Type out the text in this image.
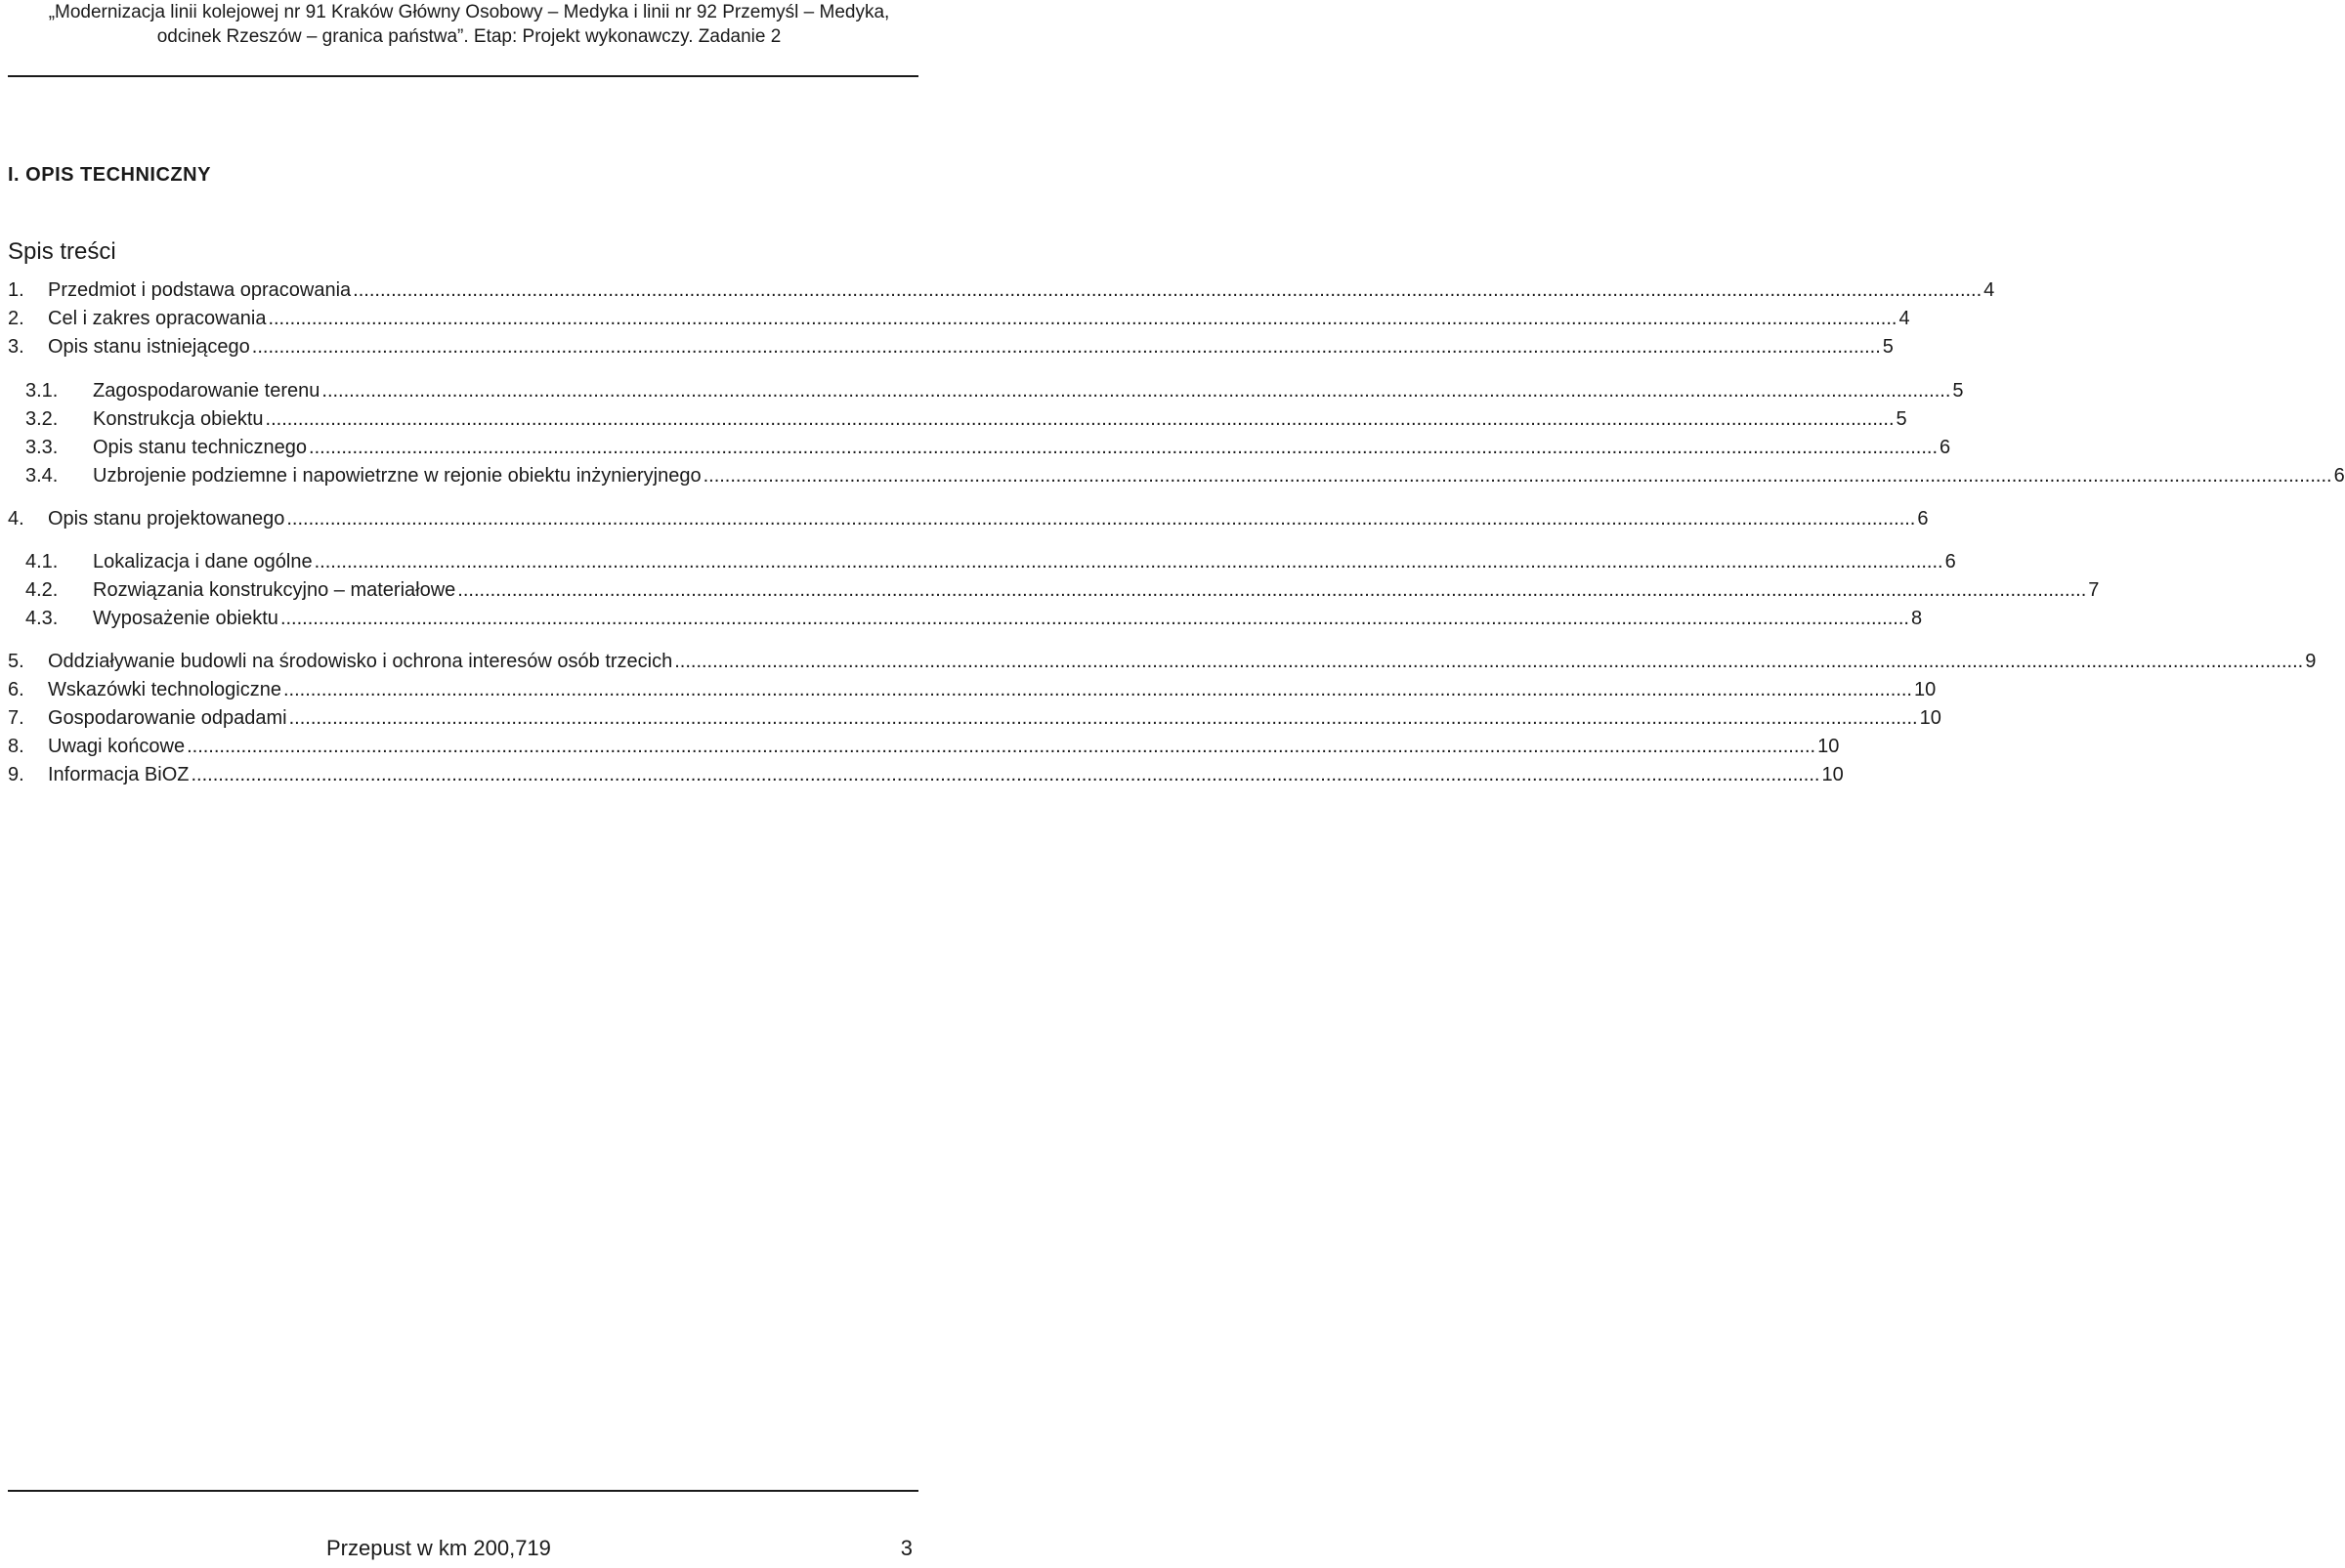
„Modernizacja linii kolejowej nr 91 Kraków Główny Osobowy – Medyka i linii nr 92 Przemyśl – Medyka,
odcinek Rzeszów – granica państwa”. Etap: Projekt wykonawczy. Zadanie 2
I. OPIS TECHNICZNY
Spis treści
1. Przedmiot i podstawa opracowania ............................................................................................................................................................................................................................................................................................................ 4
2. Cel i zakres opracowania ............................................................................................................................................................................................................................................................................................................ 4
3. Opis stanu istniejącego ............................................................................................................................................................................................................................................................................................................ 5
3.1. Zagospodarowanie terenu ............................................................................................................................................................................................................................................................................................................ 5
3.2. Konstrukcja obiektu ............................................................................................................................................................................................................................................................................................................ 5
3.3. Opis stanu technicznego ............................................................................................................................................................................................................................................................................................................ 6
3.4. Uzbrojenie podziemne i napowietrzne w rejonie obiektu inżynieryjnego ............................................................................................................................................................................................................................................................................................................ 6
4. Opis stanu projektowanego ............................................................................................................................................................................................................................................................................................................ 6
4.1. Lokalizacja i dane ogólne ............................................................................................................................................................................................................................................................................................................ 6
4.2. Rozwiązania konstrukcyjno – materiałowe ............................................................................................................................................................................................................................................................................................................ 7
4.3. Wyposażenie obiektu ............................................................................................................................................................................................................................................................................................................ 8
5. Oddziaływanie budowli na środowisko i ochrona interesów osób trzecich ............................................................................................................................................................................................................................................................................................................ 9
6. Wskazówki technologiczne ............................................................................................................................................................................................................................................................................................................ 10
7. Gospodarowanie odpadami ............................................................................................................................................................................................................................................................................................................ 10
8. Uwagi końcowe ............................................................................................................................................................................................................................................................................................................ 10
9. Informacja BiOZ ............................................................................................................................................................................................................................................................................................................ 10
Przepust w km 200,719	3
